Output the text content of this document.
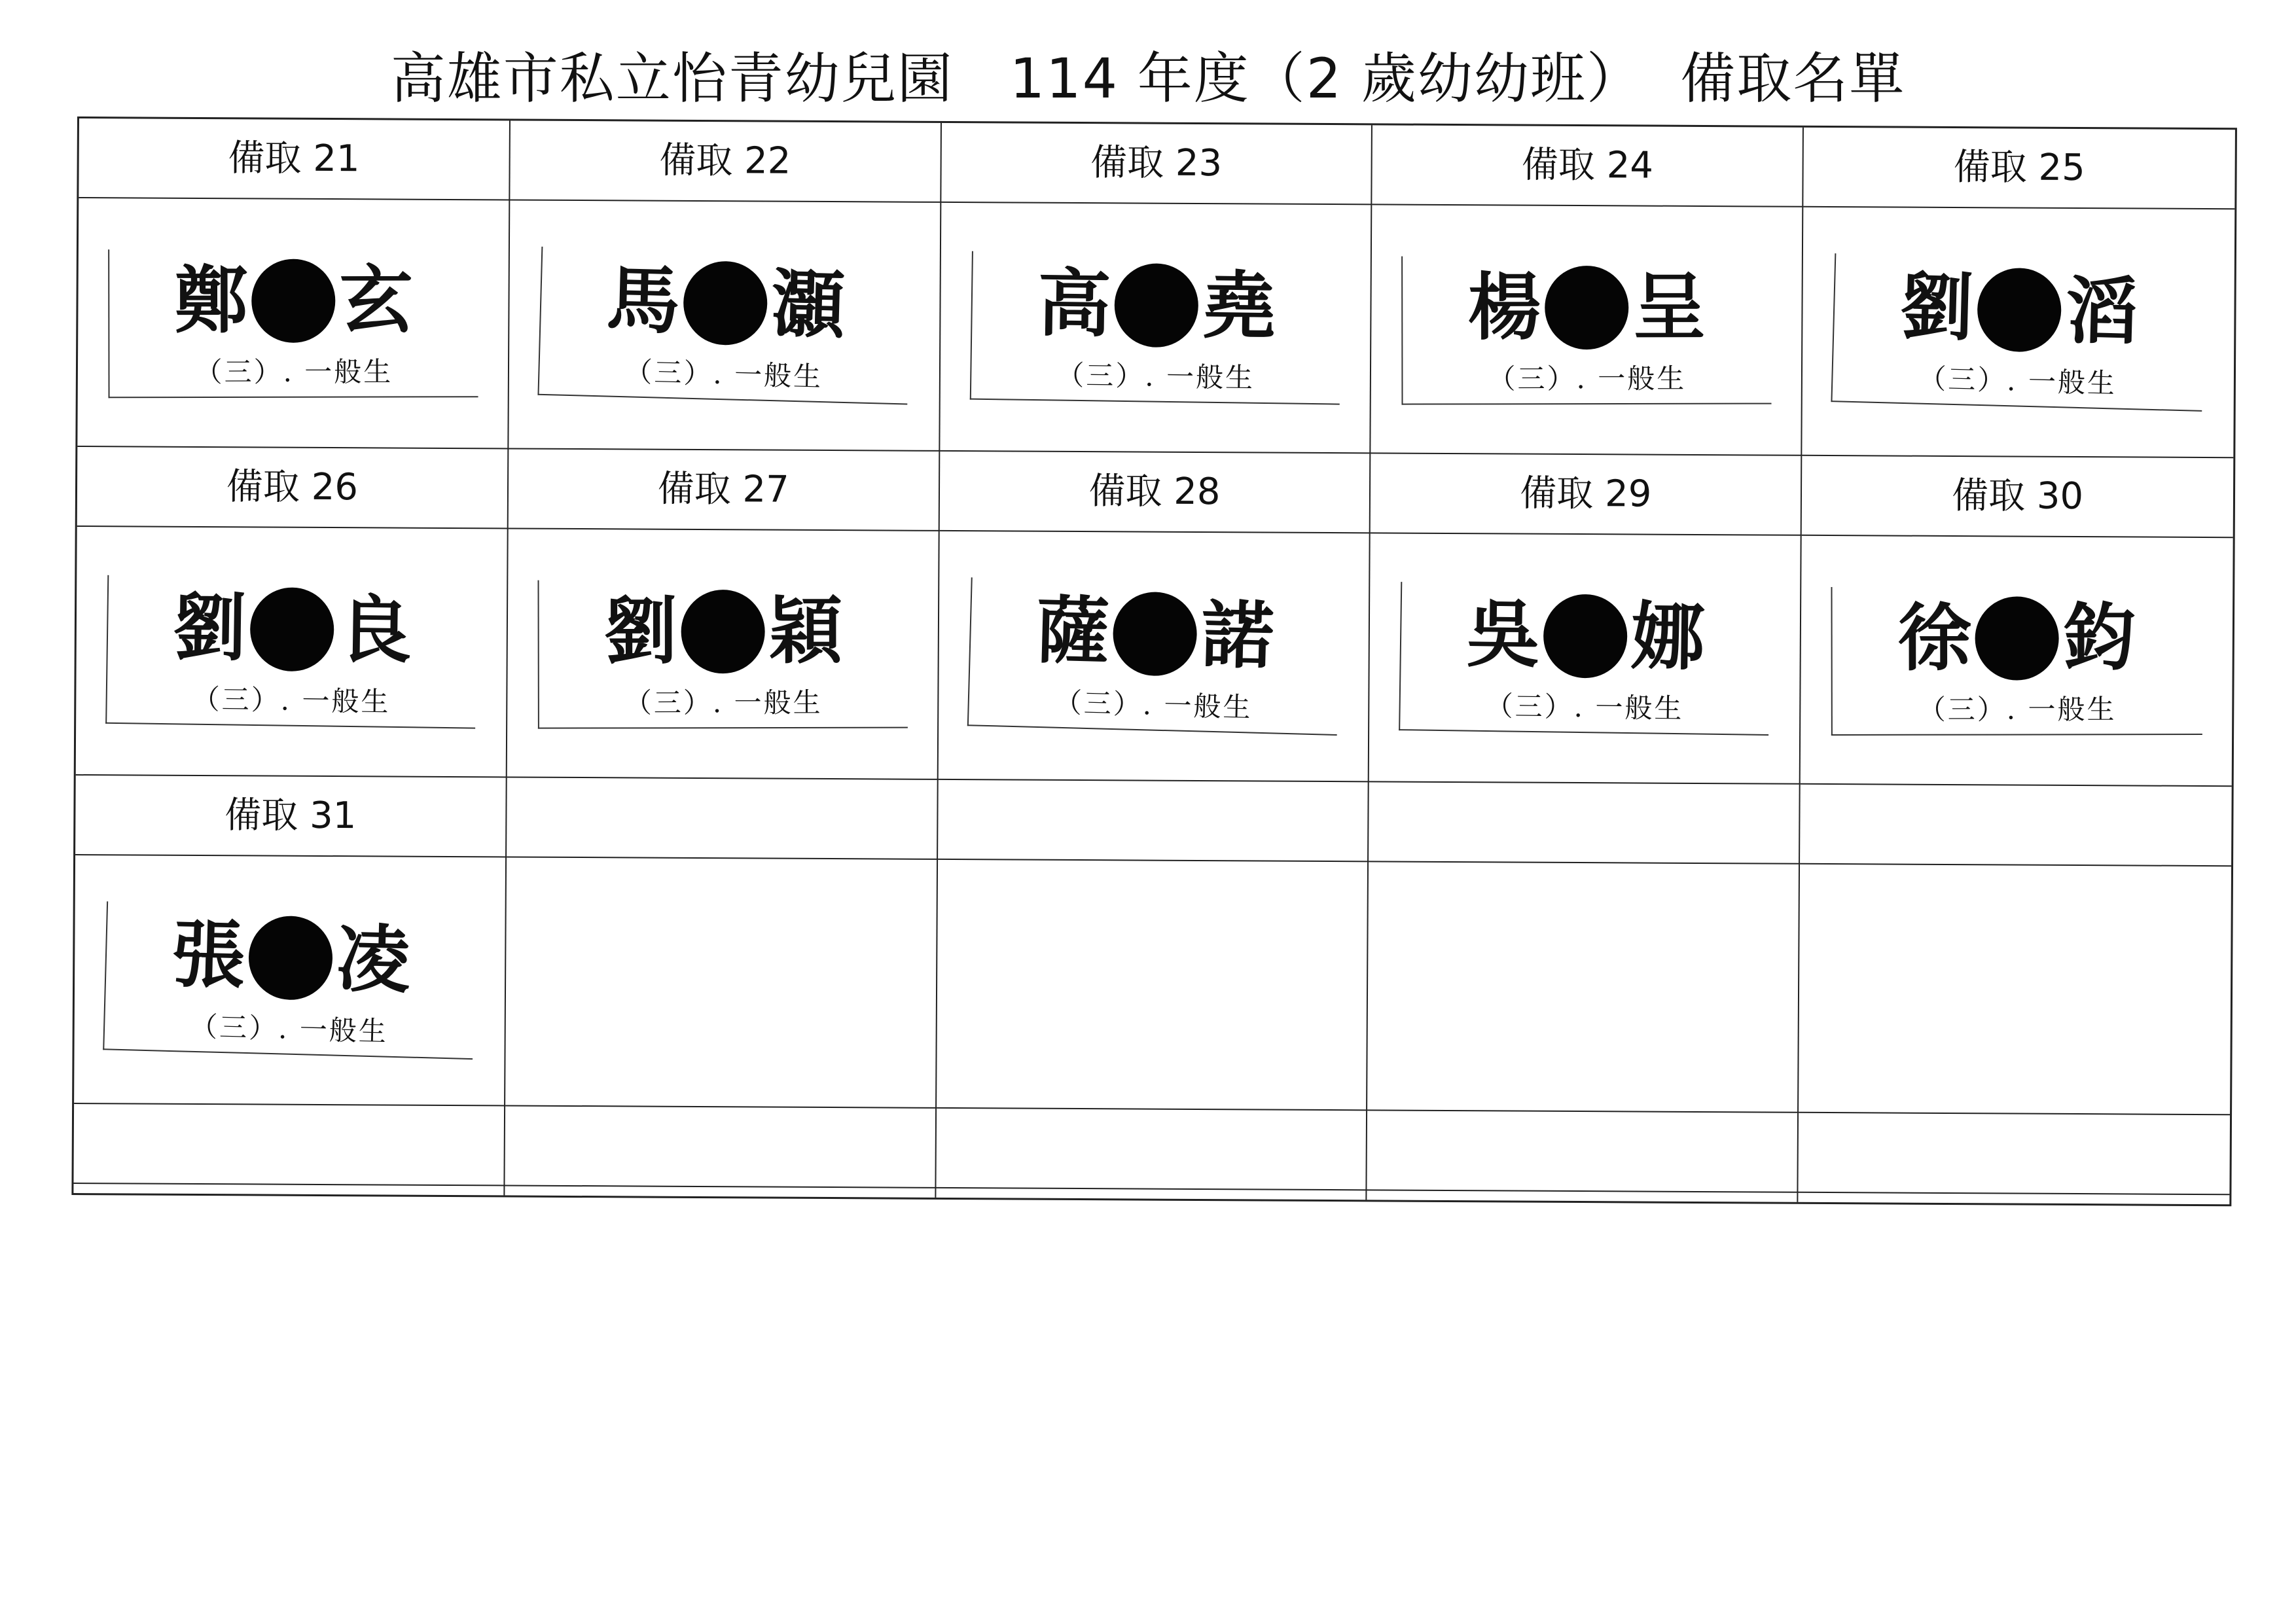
高雄市私立怡青幼兒園　114 年度（2 歲幼幼班）  備取名單
備取 21	備取 22	備取 23	備取 24	備取 25
鄭 玄
（三）. 一般生
馬 灝
（三）. 一般生
高 堯
（三）. 一般生
楊 呈
（三）. 一般生
劉 滔
（三）. 一般生
備取 26	備取 27	備取 28	備取 29	備取 30
劉 良
（三）. 一般生
劉 穎
（三）. 一般生
薩 諾
（三）. 一般生
吳 娜
（三）. 一般生
徐 鈞
（三）. 一般生
備取 31
張 凌
（三）. 一般生
